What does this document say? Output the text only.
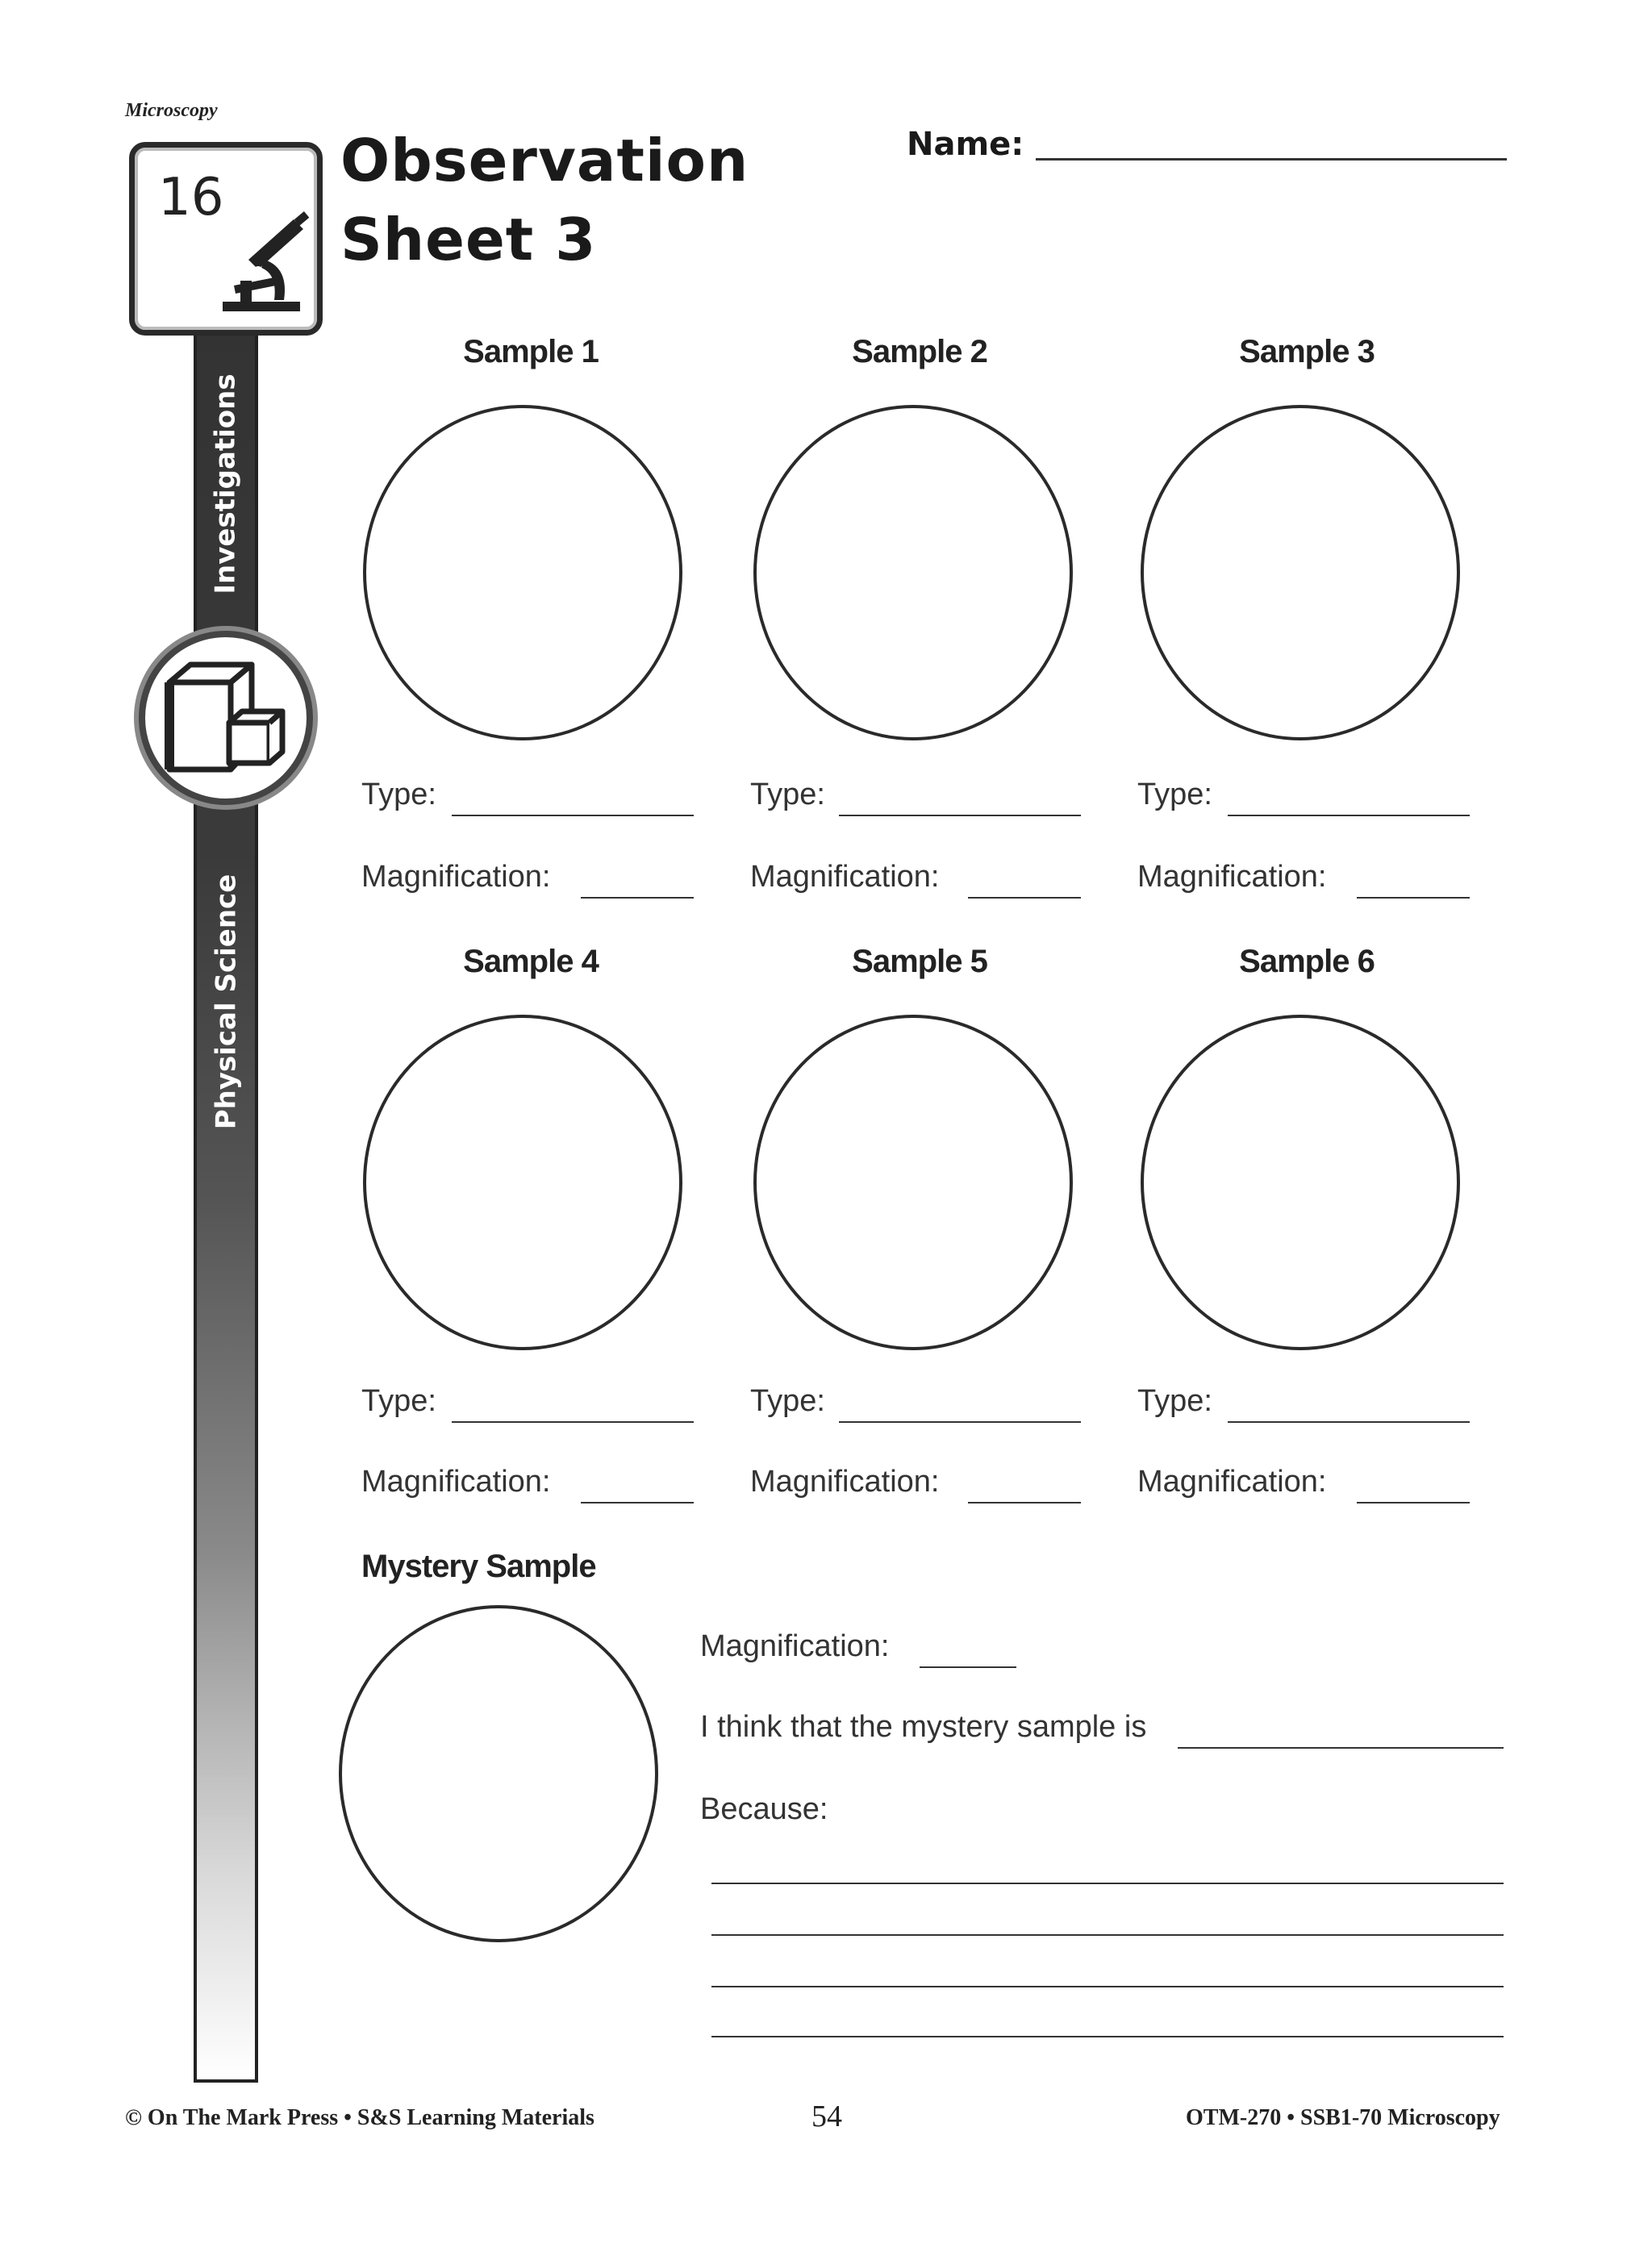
Microscopy
Observation
Sheet 3
Name:
Investigations
Physical Science
16
Sample 1	Sample 2	Sample 3
Type:	Type:	Type:
Magnification:	Magnification:	Magnification:
Sample 4	Sample 5	Sample 6
Type:	Type:	Type:
Magnification:	Magnification:	Magnification:
Mystery Sample
Magnification:
I think that the mystery sample is
Because:
© On The Mark Press • S&S Learning Materials	54	OTM-270 • SSB1-70 Microscopy
